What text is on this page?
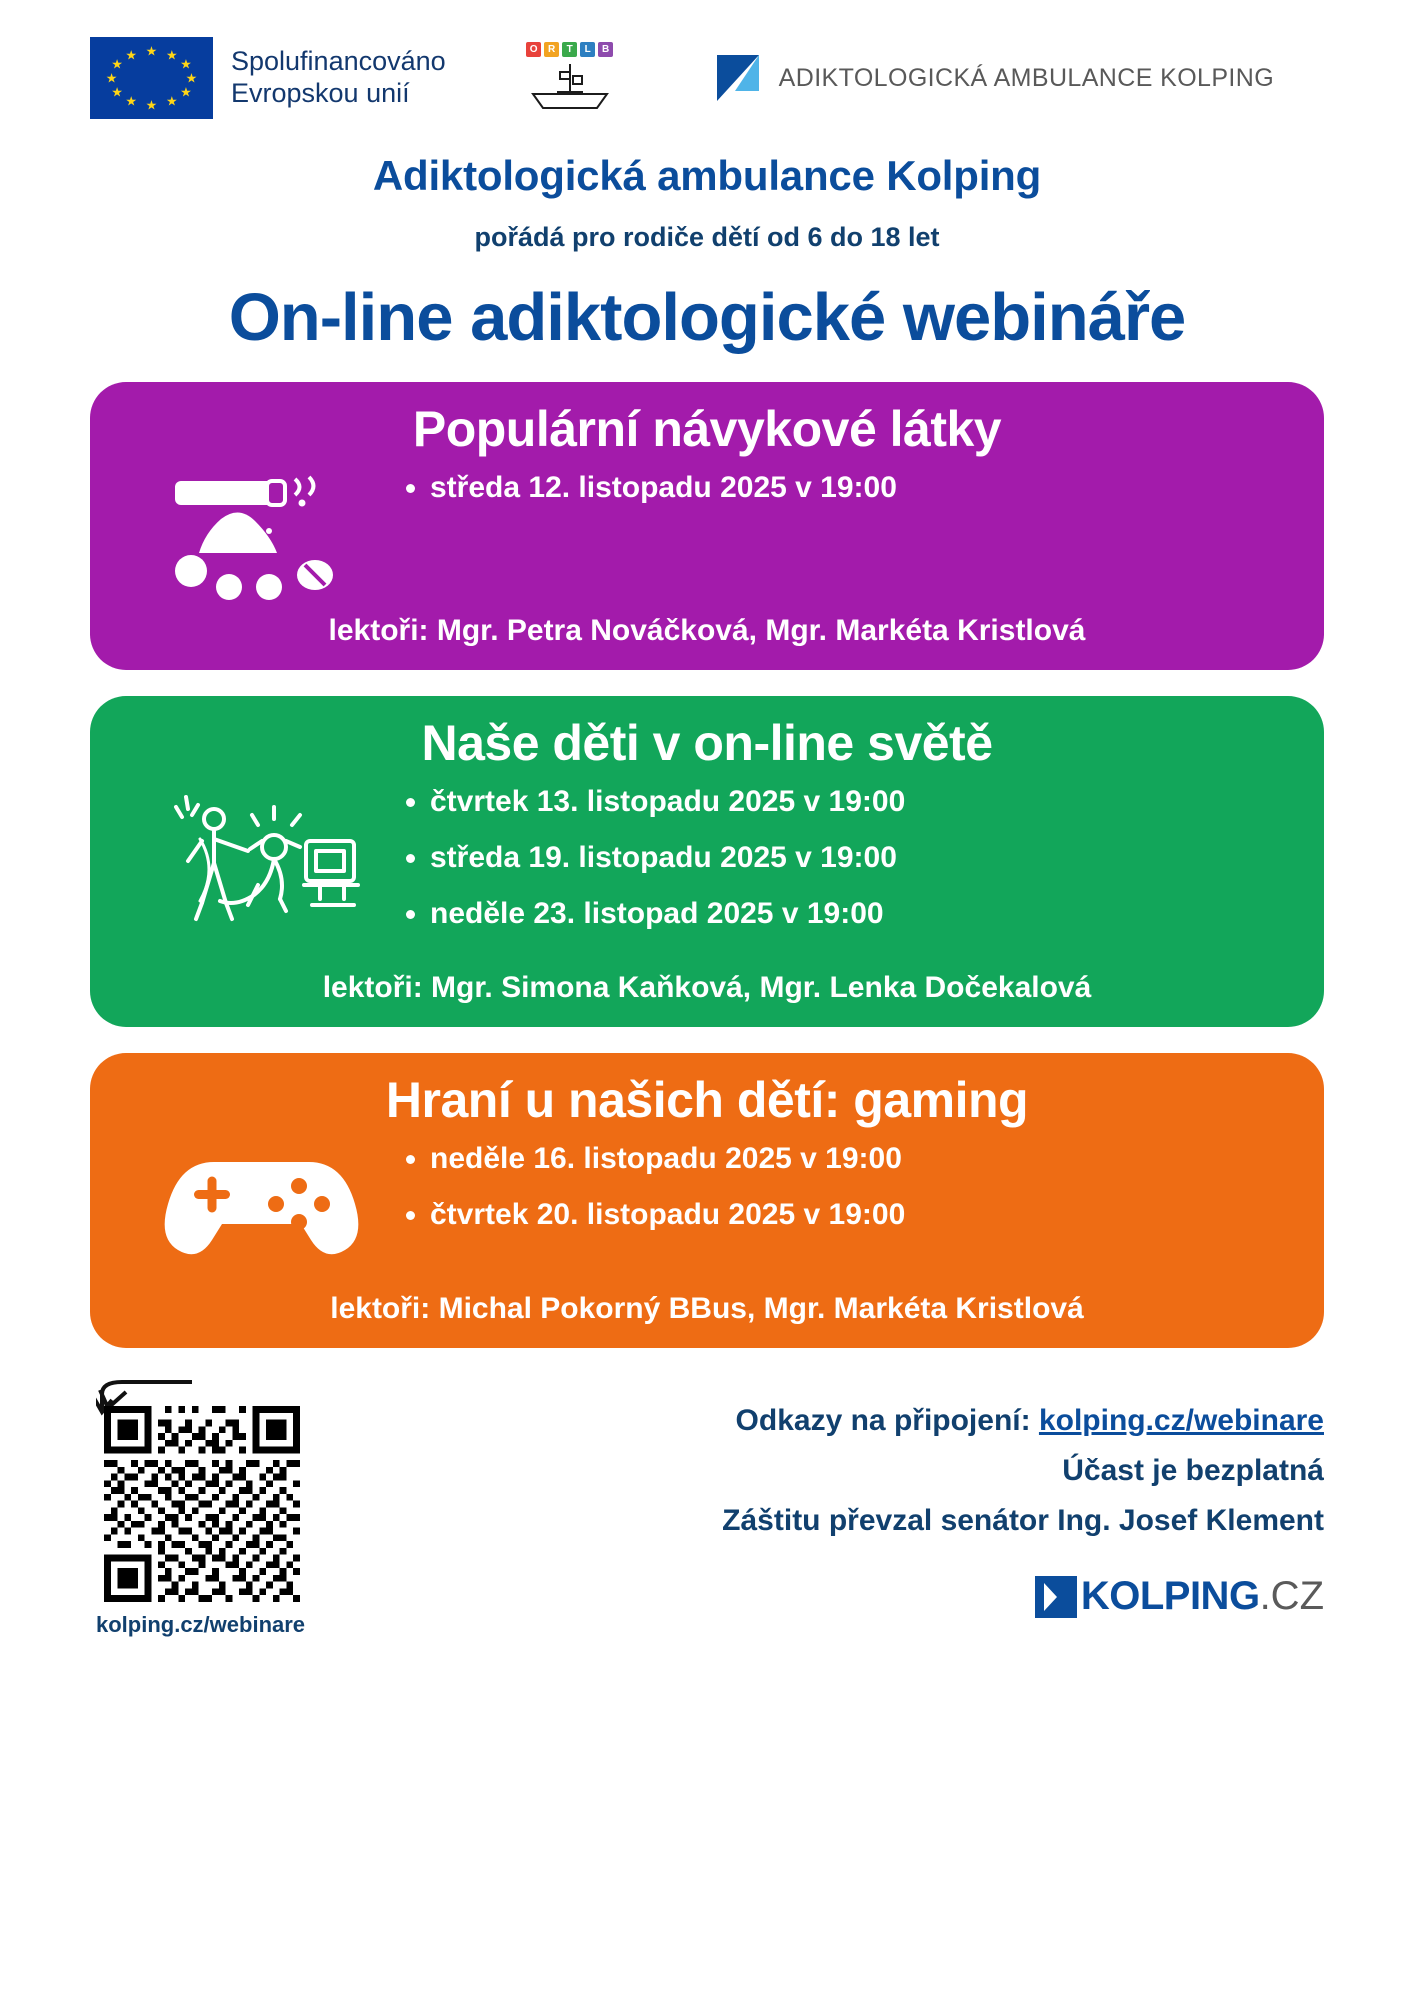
★ ★
★
★
★
★
★
★
★
★
★
★	Spolufinancováno
Evropskou unií
O	R	T	L	B
ADIKTOLOGICKÁ AMBULANCE KOLPING
Adiktologická ambulance Kolping
pořádá pro rodiče dětí od 6 do 18 let
On-line adiktologické webináře
Populární návykové látky
• středa 12. listopadu 2025 v 19:00
lektoři: Mgr. Petra Nováčková, Mgr. Markéta Kristlová
Naše děti v on-line světě
• čtvrtek 13. listopadu 2025 v 19:00
• středa 19. listopadu 2025 v 19:00
• neděle 23. listopad 2025 v 19:00
lektoři: Mgr. Simona Kaňková, Mgr. Lenka Dočekalová
Hraní u našich dětí: gaming
• neděle 16. listopadu 2025 v 19:00
• čtvrtek 20. listopadu 2025 v 19:00
lektoři: Michal Pokorný BBus, Mgr. Markéta Kristlová
kolping.cz/webinare

Odkazy na připojení: kolping.cz/webinare

Účast je bezplatná

Záštitu převzal senátor Ing. Josef Klement

KOLPING .CZ
